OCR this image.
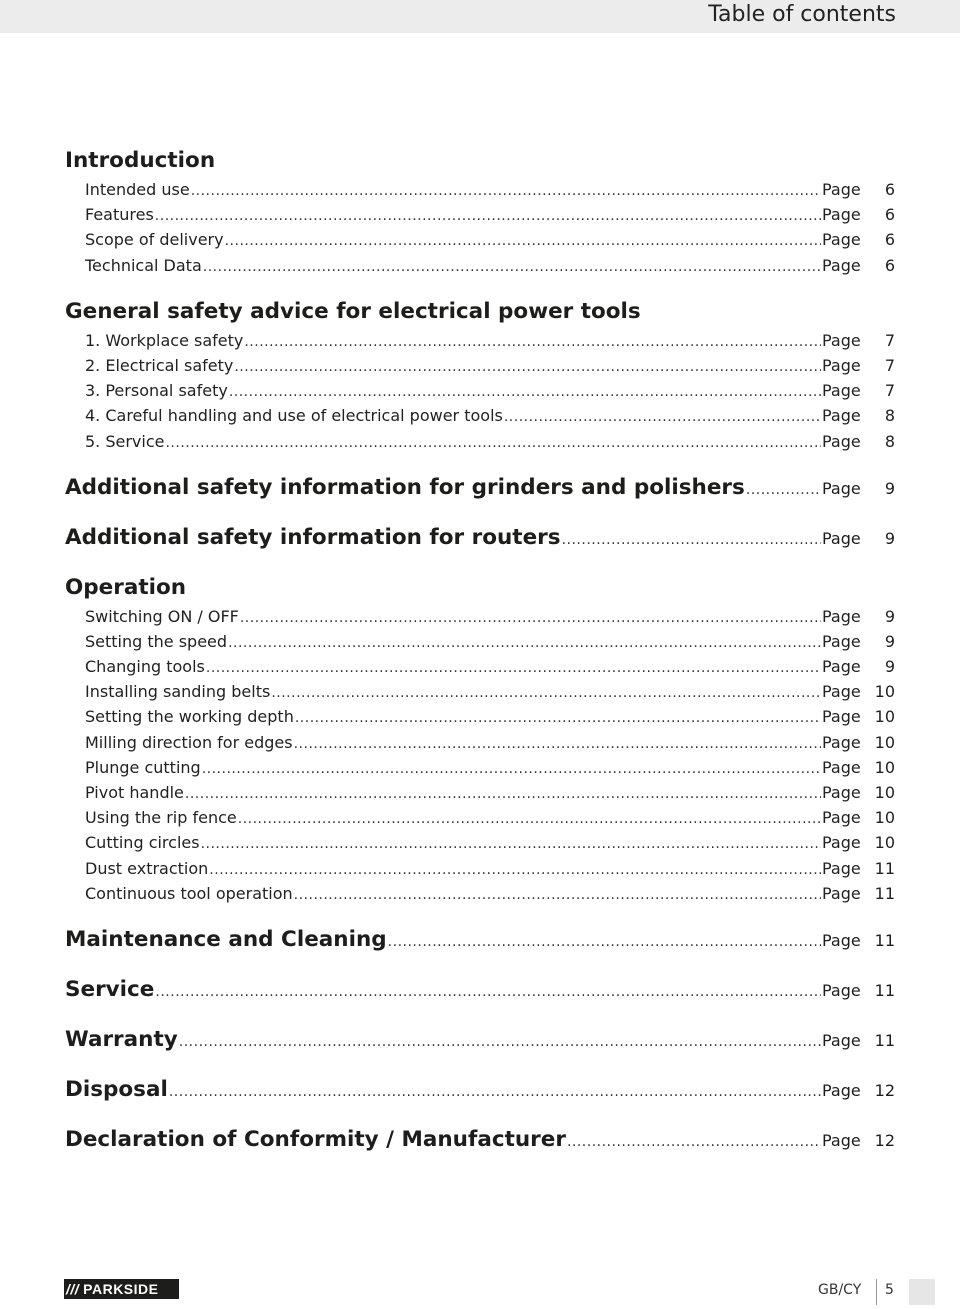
Table of contents
Introduction
Intended use .....	Page	6
Features .....	Page	6
Scope of delivery .....	Page	6
Technical Data .....	Page	6
General safety advice for electrical power tools
1. Workplace safety .....	Page	7
2. Electrical safety .....	Page	7
3. Personal safety .....	Page	7
4. Careful handling and use of electrical power tools .....	Page	8
5. Service .....	Page	8
Additional safety information for grinders and polishers .....	Page	9
Additional safety information for routers .....	Page	9
Operation
Switching ON / OFF .....	Page	9
Setting the speed .....	Page	9
Changing tools .....	Page	9
Installing sanding belts .....	Page 10
Setting the working depth .....	Page 10
Milling direction for edges .....	Page 10
Plunge cutting .....	Page 10
Pivot handle .....	Page 10
Using the rip fence .....	Page 10
Cutting circles .....	Page 10
Dust extraction .....	Page 11
Continuous tool operation .....	Page 11
Maintenance and Cleaning .....	Page 11
Service .....	Page 11
Warranty .....	Page 11
Disposal .....	Page 12
Declaration of Conformity / Manufacturer .....	Page 12
/// PARKSIDE	GB/CY 5
